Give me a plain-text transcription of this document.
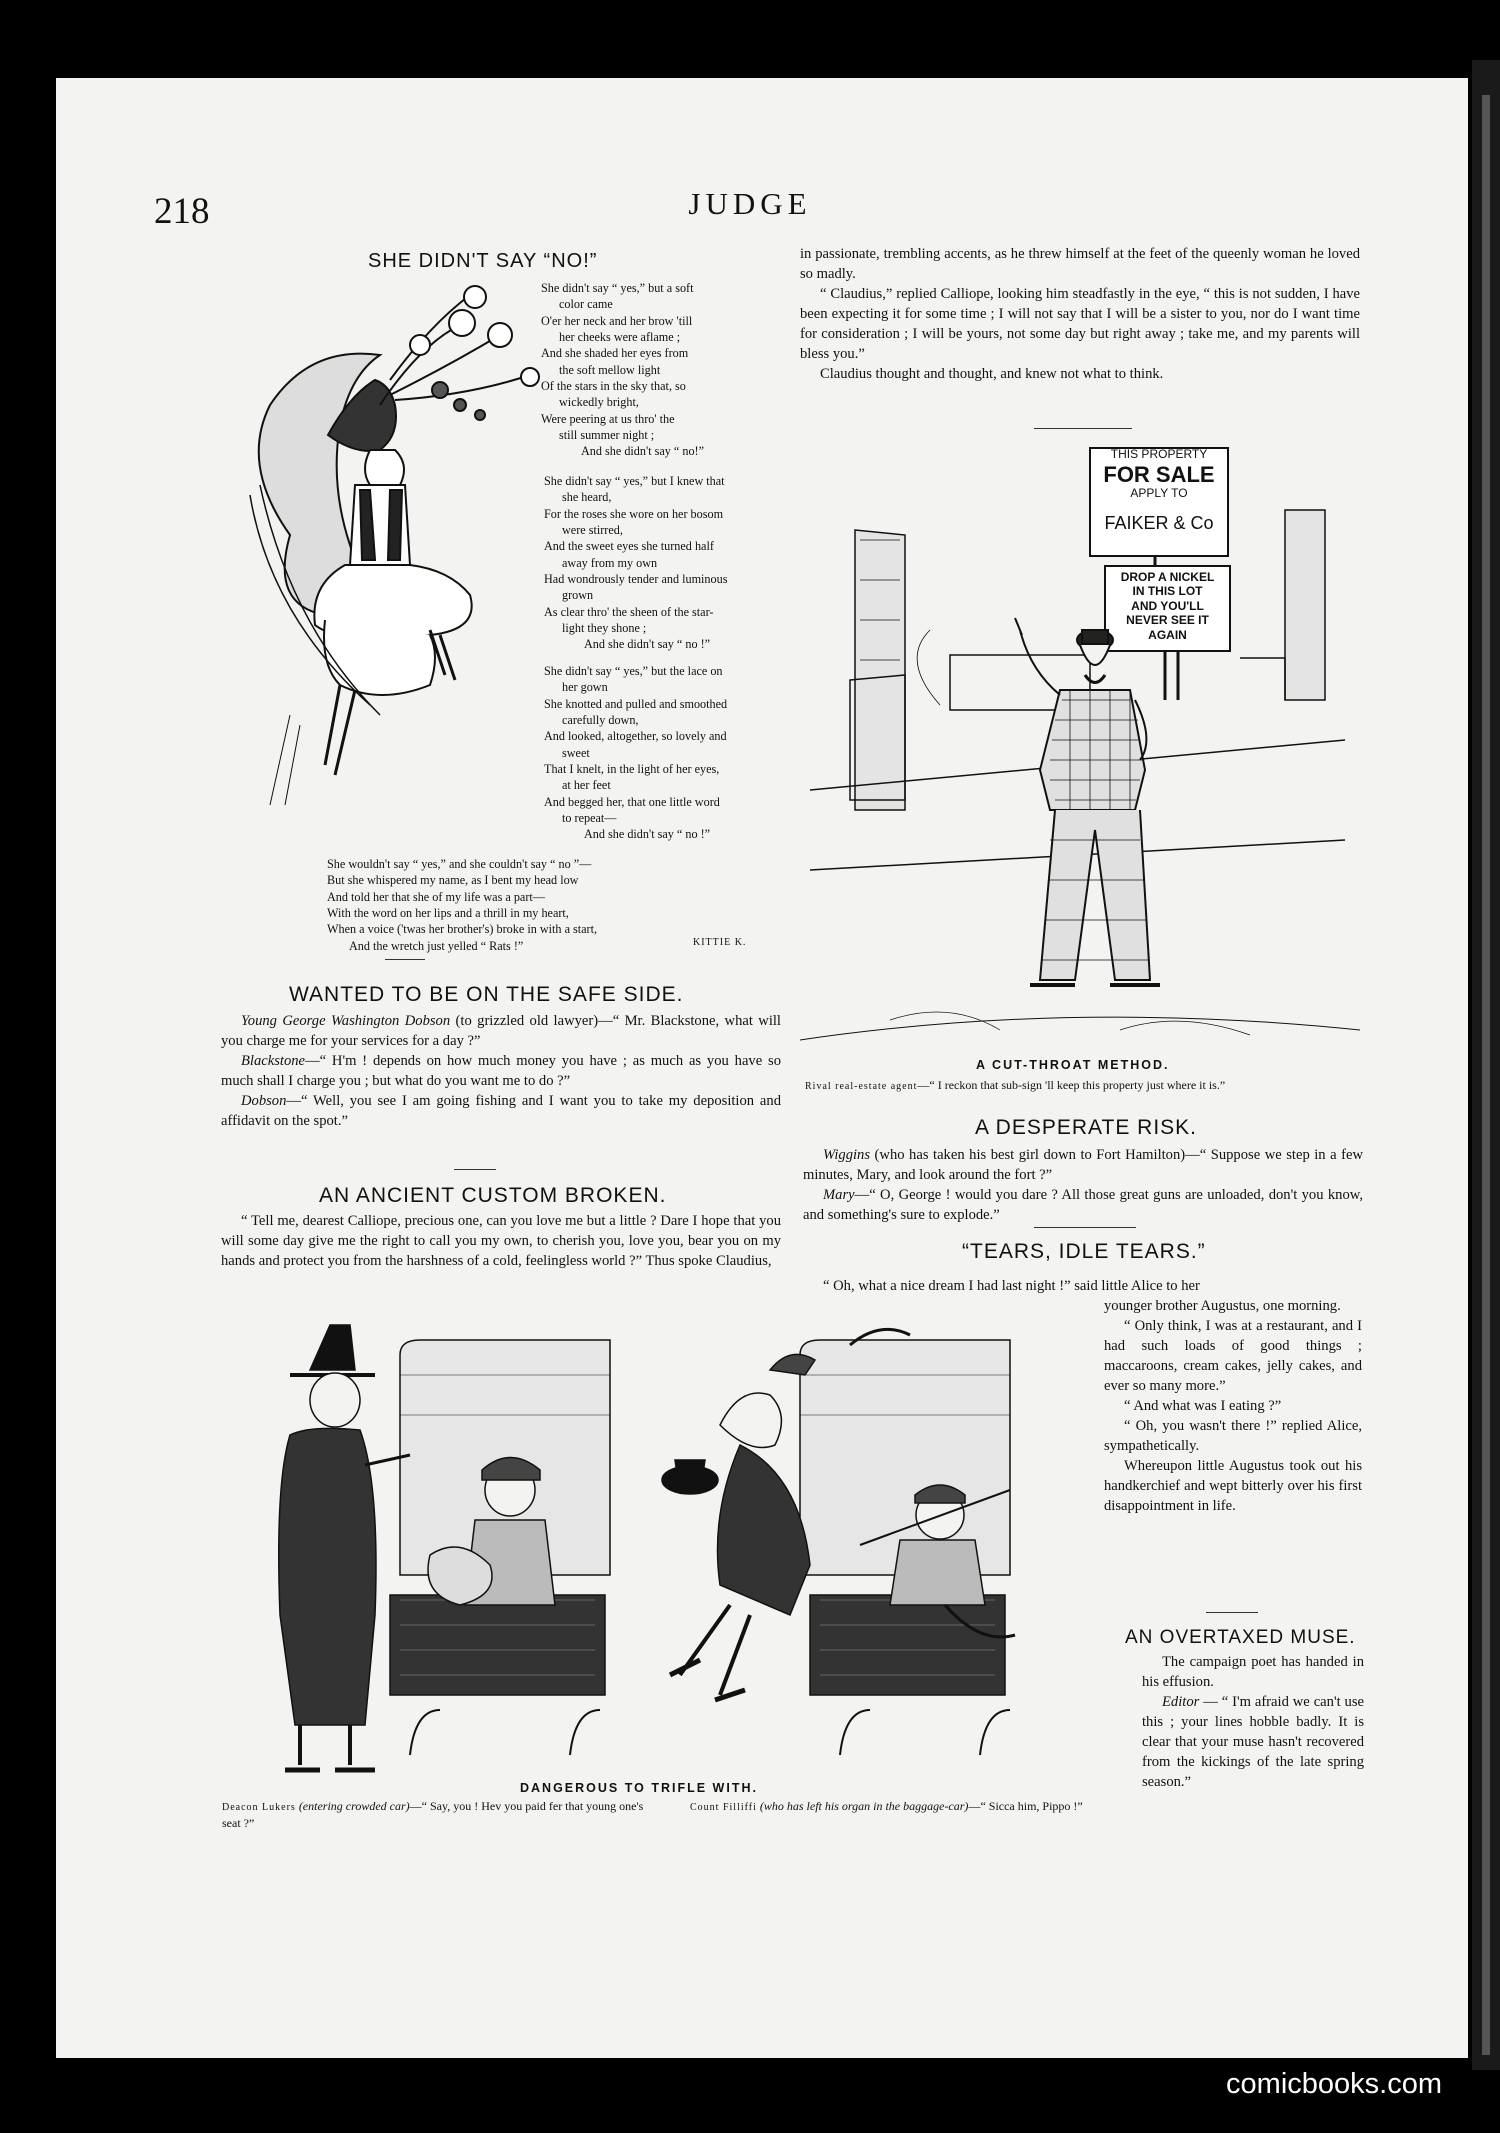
218	JUDGE
SHE DIDN'T SAY “NO!”
She didn't say “ yes,” but a soft
color came
O'er her neck and her brow 'till
her cheeks were aflame ;
And she shaded her eyes from
the soft mellow light
Of the stars in the sky that, so
wickedly bright,
Were peering at us thro' the
still summer night ;
And she didn't say “ no!”
She didn't say “ yes,” but I knew that
she heard,
For the roses she wore on her bosom
were stirred,
And the sweet eyes she turned half
away from my own
Had wondrously tender and luminous
grown
As clear thro' the sheen of the star-
light they shone ;
And she didn't say “ no !”
She didn't say “ yes,” but the lace on
her gown
She knotted and pulled and smoothed
carefully down,
And looked, altogether, so lovely and
sweet
That I knelt, in the light of her eyes,
at her feet
And begged her, that one little word
to repeat—
And she didn't say “ no !”
She wouldn't say “ yes,” and she couldn't say “ no ”—
But she whispered my name, as I bent my head low
And told her that she of my life was a part—
With the word on her lips and a thrill in my heart,
When a voice ('twas her brother's) broke in with a start,
And the wretch just yelled “ Rats !”	KITTIE K.
WANTED TO BE ON THE SAFE SIDE.

Young George Washington Dobson (to grizzled old lawyer)—“ Mr. Blackstone, what will you charge me for your services for a day ?”

Blackstone—“ H'm ! depends on how much money you have ; as much as you have so much shall I charge you ; but what do you want me to do ?”

Dobson—“ Well, you see I am going fishing and I want you to take my deposition and affidavit on the spot.”

AN ANCIENT CUSTOM BROKEN.

“ Tell me, dearest Calliope, precious one, can you love me but a little ? Dare I hope that you will some day give me the right to call you my own, to cherish you, love you, bear you on my hands and protect you from the harshness of a cold, feelingless world ?” Thus spoke Claudius,

in passionate, trembling accents, as he threw himself at the feet of the queenly woman he loved so madly.

“ Claudius,” replied Calliope, looking him steadfastly in the eye, “ this is not sudden, I have been expecting it for some time ; I will not say that I will be a sister to you, nor do I want time for consideration ; I will be yours, not some day but right away ; take me, and my parents will bless you.”

Claudius thought and thought, and knew not what to think.

THIS PROPERTY
FOR SALE
APPLY TO
FAIKER & Co
DROP A NICKEL
IN THIS LOT
AND YOU'LL
NEVER SEE IT
AGAIN
A CUT-THROAT METHOD.
Rival real-estate agent—“ I reckon that sub-sign 'll keep this property just where it is.”
A DESPERATE RISK.

Wiggins (who has taken his best girl down to Fort Hamilton)—“ Suppose we step in a few minutes, Mary, and look around the fort ?”

Mary—“ O, George ! would you dare ? All those great guns are unloaded, don't you know, and something's sure to explode.”

“TEARS, IDLE TEARS.”

“ Oh, what a nice dream I had last night !” said little Alice to her

younger brother Augustus, one morning.

“ Only think, I was at a restaurant, and I had such loads of good things ; maccaroons, cream cakes, jelly cakes, and ever so many more.”

“ And what was I eating ?”

“ Oh, you wasn't there !” replied Alice, sympathetically.

Whereupon little Augustus took out his handkerchief and wept bitterly over his first disappointment in life.

AN OVERTAXED MUSE.

The campaign poet has handed in his effusion.

Editor — “ I'm afraid we can't use this ; your lines hobble badly. It is clear that your muse hasn't recovered from the kickings of the late spring season.”

DANGEROUS TO TRIFLE WITH.
Deacon Lukers (entering crowded car)—“ Say, you ! Hev you paid fer that young one's seat ?”
Count Filliffi (who has left his organ in the baggage-car)—“ Sicca him, Pippo !”
comicbooks.com
